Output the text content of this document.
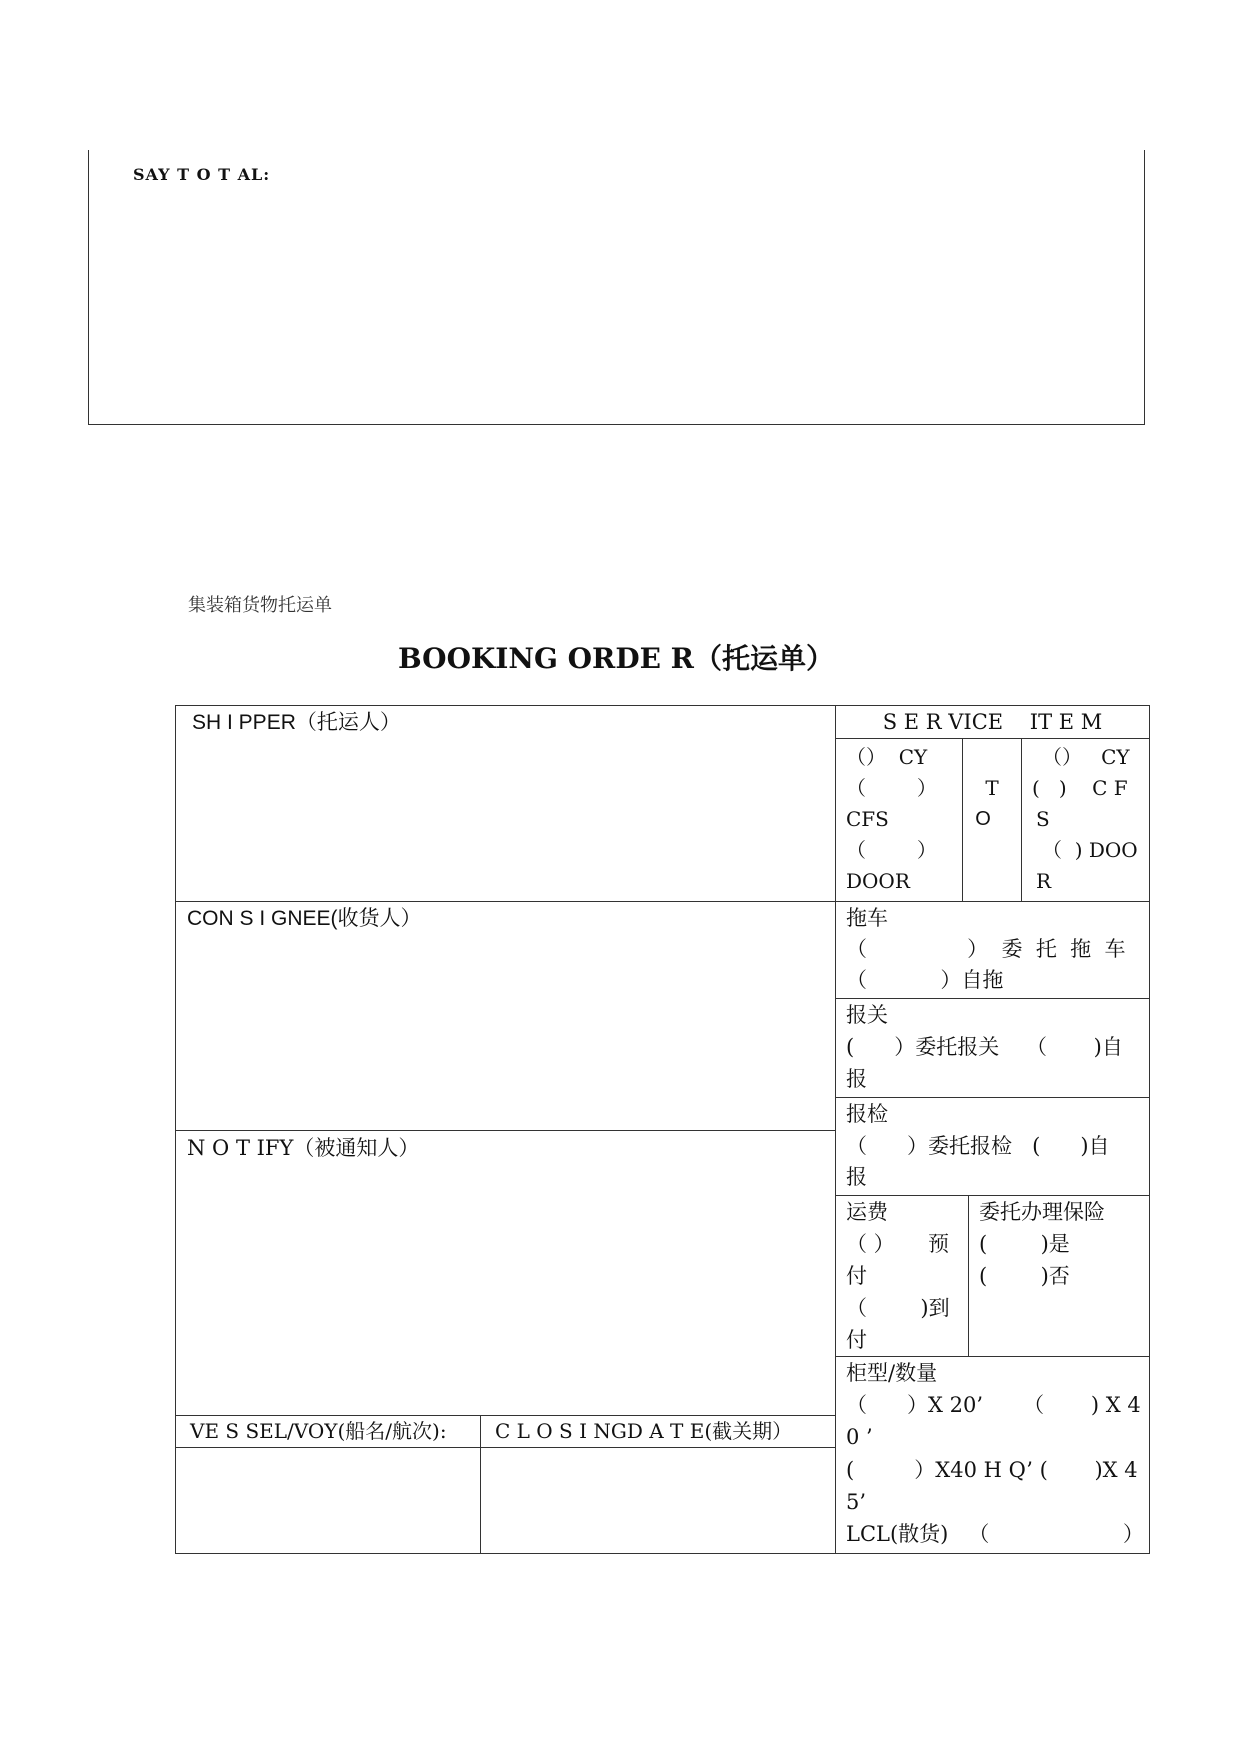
SAY T O T AL:
集装箱货物托运单
BOOKING ORDE R（托运单）
SH I PPER（托运人）
CON S I GNEE(收货人）
N O T IFY（被通知人）
VE S SEL/VOY(船名/航次): C L O S I NGD A T E(截关期）
S E R VICE    IT E M
（）  CY
（        ）
CFS
（        ）
DOOR
T
O
（）   CY
(   )    C F
S
（  ) DOO
R
拖车
（               ）  委  托  拖  车
（           ）自拖
报关
(      ）委托报关    （       )自
报
报检
（      ）委托报检   (      )自
报
运费
（ ）     预
付
（        )到
付
委托办理保险
(        )是
(        )否
柜型/数量
（      ）X 20’      （       ) X 4
0 ’
(         ）X40 H Q’ (       )X 4
5’
LCL(散货)   （                    ）
